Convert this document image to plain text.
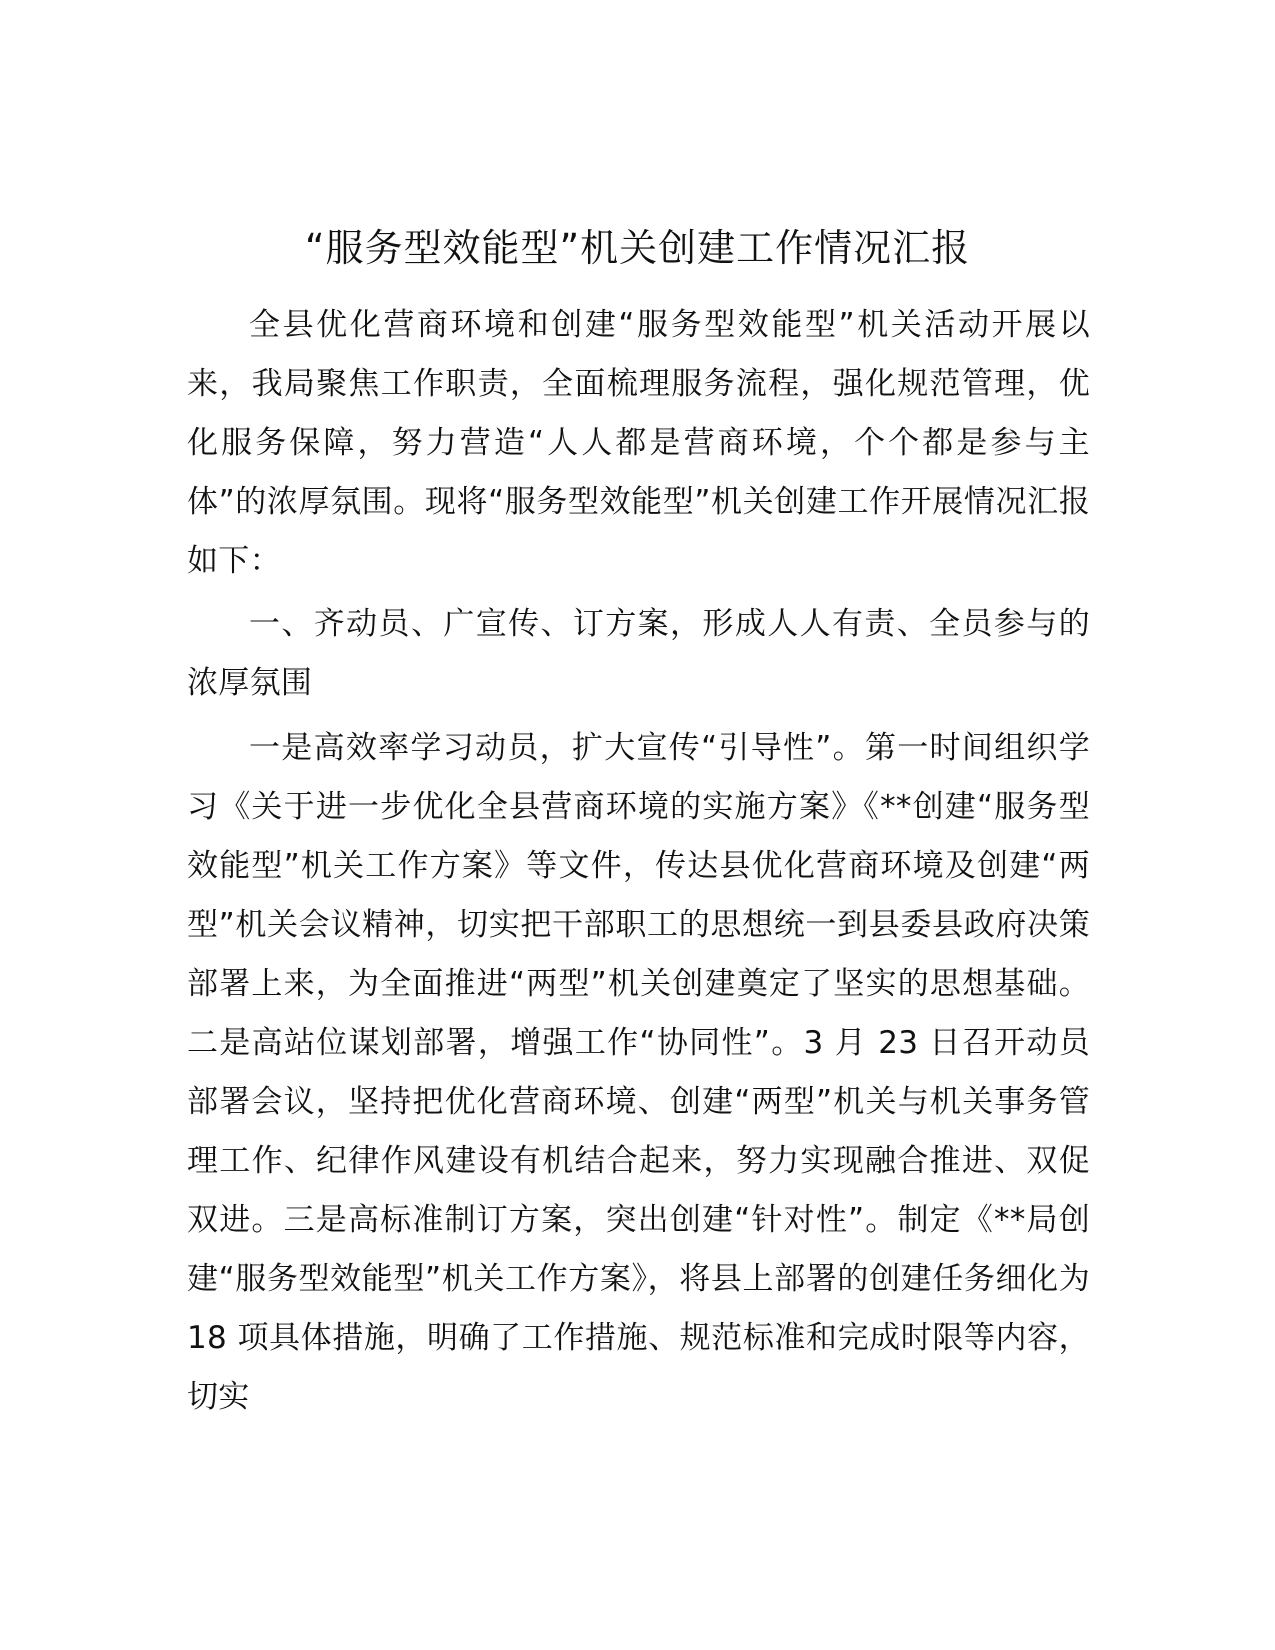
“服务型效能型”机关创建工作情况汇报

全县优化营商环境和创建“服务型效能型”机关活动开展以来，我局聚焦工作职责，全面梳理服务流程，强化规范管理，优化服务保障，努力营造“人人都是营商环境，个个都是参与主体”的浓厚氛围。现将“服务型效能型”机关创建工作开展情况汇报如下：

一、齐动员、广宣传、订方案，形成人人有责、全员参与的浓厚氛围

一是高效率学习动员，扩大宣传“引导性”。第一时间组织学习《关于进一步优化全县营商环境的实施方案》《**创建“服务型效能型”机关工作方案》等文件，传达县优化营商环境及创建“两型”机关会议精神，切实把干部职工的思想统一到县委县政府决策部署上来，为全面推进“两型”机关创建奠定了坚实的思想基础。二是高站位谋划部署，增强工作“协同性”。3 月 23 日召开动员部署会议，坚持把优化营商环境、创建“两型”机关与机关事务管理工作、纪律作风建设有机结合起来，努力实现融合推进、双促双进。三是高标准制订方案，突出创建“针对性”。制定《**局创建“服务型效能型”机关工作方案》，将县上部署的创建任务细化为 18 项具体措施，明确了工作措施、规范标准和完成时限等内容，切实
